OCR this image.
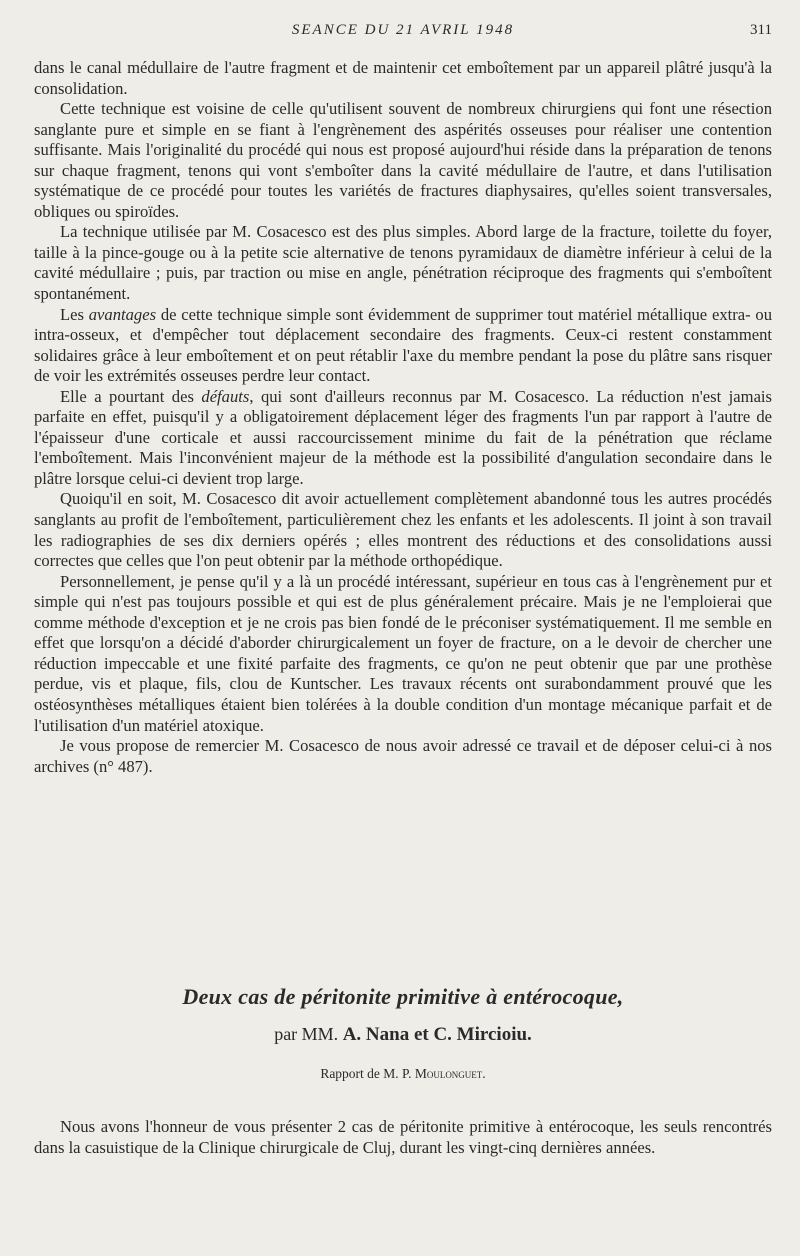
SEANCE DU 21 AVRIL 1948	311

dans le canal médullaire de l'autre fragment et de maintenir cet emboîtement par un appareil plâtré jusqu'à la consolidation.

Cette technique est voisine de celle qu'utilisent souvent de nombreux chirurgiens qui font une résection sanglante pure et simple en se fiant à l'engrènement des aspérités osseuses pour réaliser une contention suffisante. Mais l'originalité du procédé qui nous est proposé aujourd'hui réside dans la préparation de tenons sur chaque fragment, tenons qui vont s'emboîter dans la cavité médullaire de l'autre, et dans l'utilisation systématique de ce procédé pour toutes les variétés de fractures diaphysaires, qu'elles soient transversales, obliques ou spiroïdes.

La technique utilisée par M. Cosacesco est des plus simples. Abord large de la fracture, toilette du foyer, taille à la pince-gouge ou à la petite scie alternative de tenons pyramidaux de diamètre inférieur à celui de la cavité médullaire ; puis, par traction ou mise en angle, pénétration réciproque des fragments qui s'emboîtent spontanément.

Les avantages de cette technique simple sont évidemment de supprimer tout matériel métallique extra- ou intra-osseux, et d'empêcher tout déplacement secondaire des fragments. Ceux-ci restent constamment solidaires grâce à leur emboîtement et on peut rétablir l'axe du membre pendant la pose du plâtre sans risquer de voir les extrémités osseuses perdre leur contact.

Elle a pourtant des défauts, qui sont d'ailleurs reconnus par M. Cosacesco. La réduction n'est jamais parfaite en effet, puisqu'il y a obligatoirement déplacement léger des fragments l'un par rapport à l'autre de l'épaisseur d'une corticale et aussi raccourcissement minime du fait de la pénétration que réclame l'emboîtement. Mais l'inconvénient majeur de la méthode est la possibilité d'angulation secondaire dans le plâtre lorsque celui-ci devient trop large.

Quoiqu'il en soit, M. Cosacesco dit avoir actuellement complètement abandonné tous les autres procédés sanglants au profit de l'emboîtement, particulièrement chez les enfants et les adolescents. Il joint à son travail les radiographies de ses dix derniers opérés ; elles montrent des réductions et des consolidations aussi correctes que celles que l'on peut obtenir par la méthode orthopédique.

Personnellement, je pense qu'il y a là un procédé intéressant, supérieur en tous cas à l'engrènement pur et simple qui n'est pas toujours possible et qui est de plus généralement précaire. Mais je ne l'emploierai que comme méthode d'exception et je ne crois pas bien fondé de le préconiser systématiquement. Il me semble en effet que lorsqu'on a décidé d'aborder chirurgicalement un foyer de fracture, on a le devoir de chercher une réduction impeccable et une fixité parfaite des fragments, ce qu'on ne peut obtenir que par une prothèse perdue, vis et plaque, fils, clou de Kuntscher. Les travaux récents ont surabondamment prouvé que les ostéosynthèses métalliques étaient bien tolérées à la double condition d'un montage mécanique parfait et de l'utilisation d'un matériel atoxique.

Je vous propose de remercier M. Cosacesco de nous avoir adressé ce travail et de déposer celui-ci à nos archives (n° 487).

Deux cas de péritonite primitive à entérocoque,
par MM. A. Nana et C. Mircioiu.
Rapport de M. P. Moulonguet.

Nous avons l'honneur de vous présenter 2 cas de péritonite primitive à entérocoque, les seuls rencontrés dans la casuistique de la Clinique chirurgicale de Cluj, durant les vingt-cinq dernières années.
